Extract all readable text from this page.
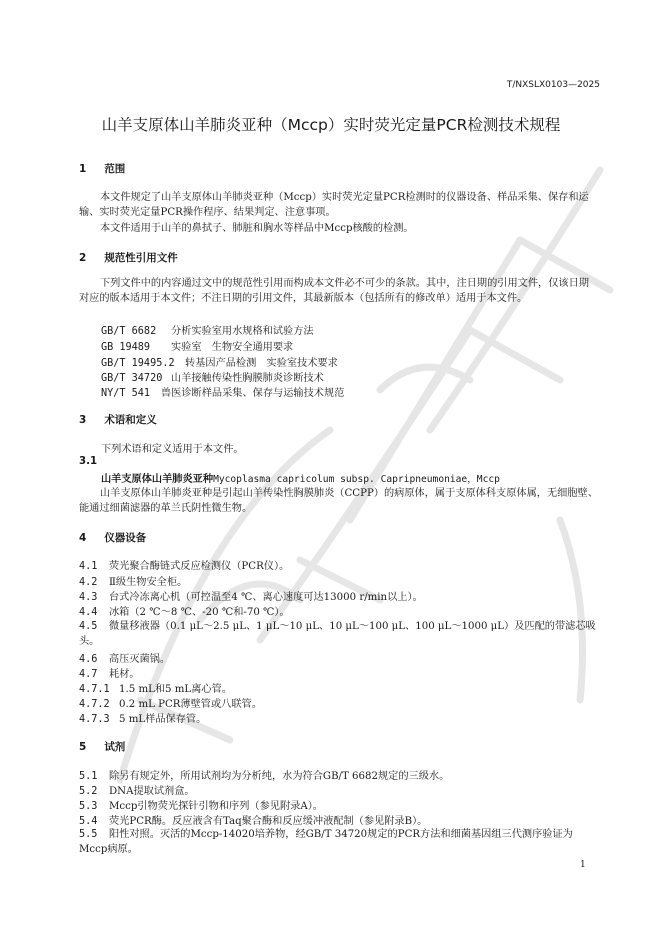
T/NXSLX0103—2025
山羊支原体山羊肺炎亚种（Mccp）实时荧光定量PCR检测技术规程
1 范围
本文件规定了山羊支原体山羊肺炎亚种（Mccp）实时荧光定量PCR检测时的仪器设备、样品采集、保存和运输、实时荧光定量PCR操作程序、结果判定、注意事项。
本文件适用于山羊的鼻拭子、肺脏和胸水等样品中Mccp核酸的检测。
2 规范性引用文件
下列文件中的内容通过文中的规范性引用而构成本文件必不可少的条款。其中，注日期的引用文件，仅该日期对应的版本适用于本文件；不注日期的引用文件，其最新版本（包括所有的修改单）适用于本文件。
GB/T 6682 分析实验室用水规格和试验方法
GB 19489 实验室　生物安全通用要求
GB/T 19495.2 转基因产品检测　实验室技术要求
GB/T 34720 山羊接触传染性胸膜肺炎诊断技术
NY/T 541 兽医诊断样品采集、保存与运输技术规范
3 术语和定义
下列术语和定义适用于本文件。
3.1
山羊支原体山羊肺炎亚种Mycoplasma capricolum subsp. Capripneumoniae，Mccp
山羊支原体山羊肺炎亚种是引起山羊传染性胸膜肺炎（CCPP）的病原体，属于支原体科支原体属，无细胞壁、能通过细菌滤器的革兰氏阴性微生物。
4 仪器设备
4.1 荧光聚合酶链式反应检测仪（PCR仪）。
4.2 Ⅱ级生物安全柜。
4.3 台式冷冻离心机（可控温至4 ℃、离心速度可达13000 r/min以上）。
4.4 冰箱（2 ℃～8 ℃、-20 ℃和-70 ℃）。
4.5 微量移液器（0.1 μL～2.5 μL、1 μL～10 μL、10 μL～100 μL、100 μL～1000 μL）及匹配的带滤芯吸头。
4.6 高压灭菌锅。
4.7 耗材。
4.7.1 1.5 mL和5 mL离心管。
4.7.2 0.2 mL PCR薄壁管或八联管。
4.7.3 5 mL样品保存管。
5 试剂
5.1 除另有规定外，所用试剂均为分析纯，水为符合GB/T 6682规定的三级水。
5.2 DNA提取试剂盒。
5.3 Mccp引物荧光探针引物和序列（参见附录A）。
5.4 荧光PCR酶。反应液含有Taq聚合酶和反应缓冲液配制（参见附录B）。
5.5 阳性对照。灭活的Mccp-14020培养物，经GB/T 34720规定的PCR方法和细菌基因组三代测序验证为Mccp病原。
1
